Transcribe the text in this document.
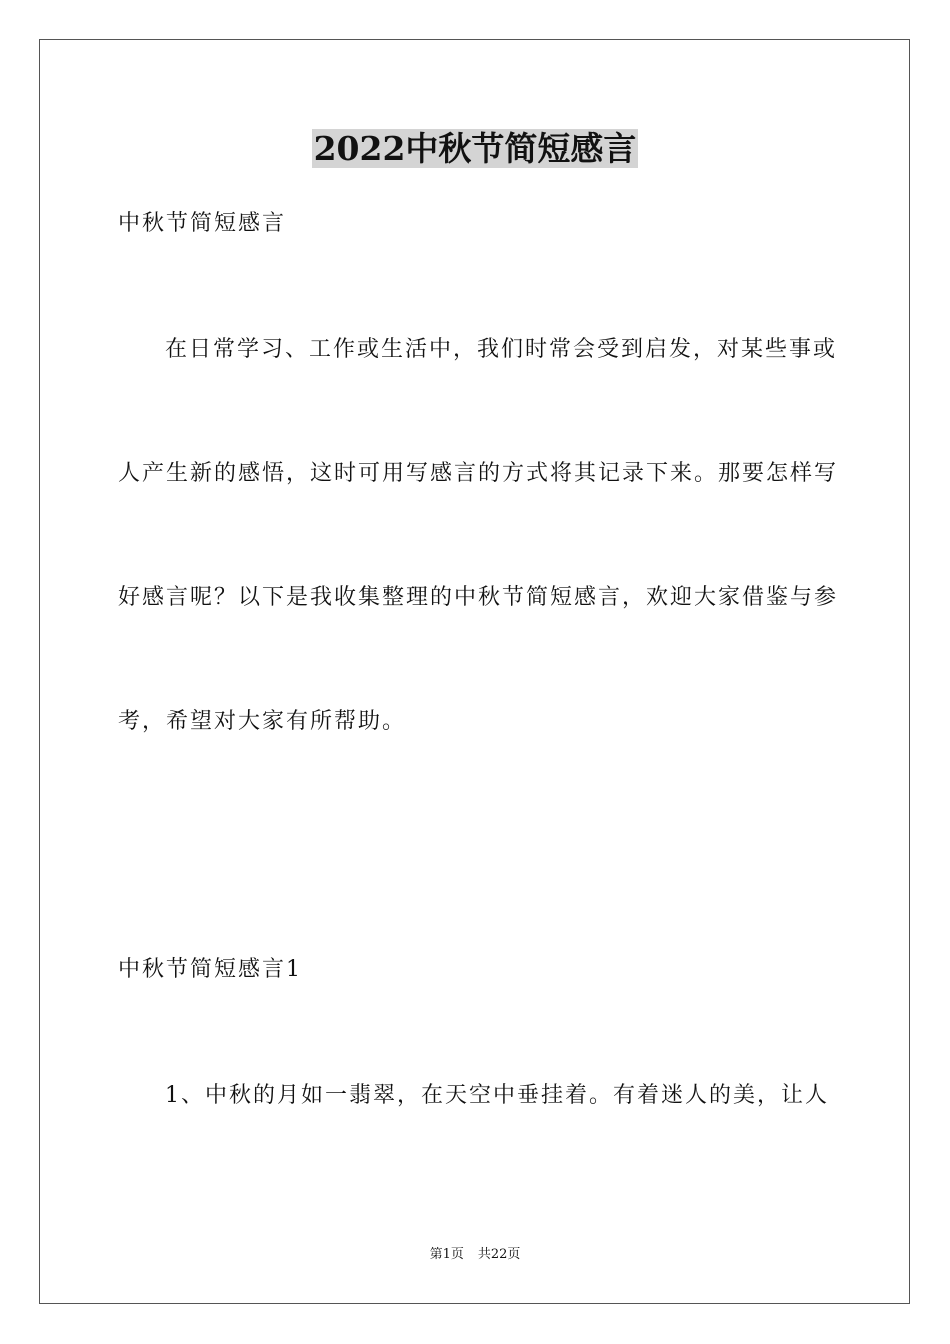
2022中秋节简短感言
中秋节简短感言
在日常学习、工作或生活中，我们时常会受到启发，对某些事或
人产生新的感悟，这时可用写感言的方式将其记录下来。那要怎样写
好感言呢？以下是我收集整理的中秋节简短感言，欢迎大家借鉴与参
考，希望对大家有所帮助。
中秋节简短感言1
1、中秋的月如一翡翠，在天空中垂挂着。有着迷人的美，让人
第1页 共22页
